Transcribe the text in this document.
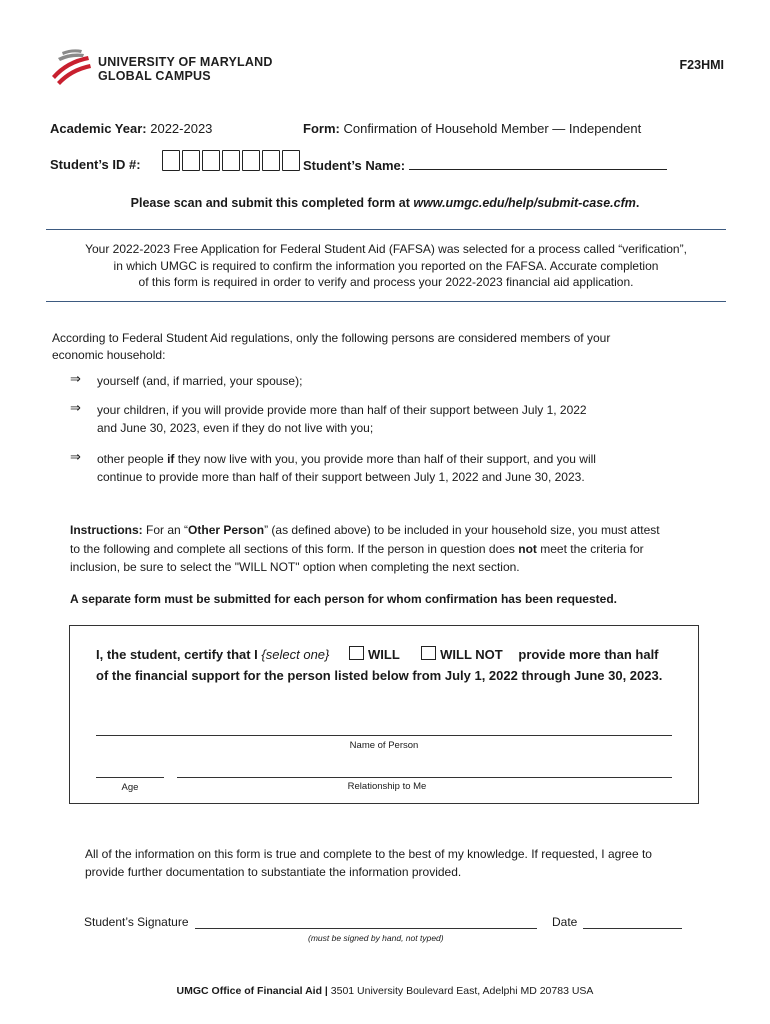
UNIVERSITY OF MARYLAND
GLOBAL CAMPUS
F23HMI
Academic Year: 2022-2023	Form: Confirmation of Household Member — Independent
Student’s ID #:	Student’s Name:
Please scan and submit this completed form at www.umgc.edu/help/submit-case.cfm.
Your 2022-2023 Free Application for Federal Student Aid (FAFSA) was selected for a process called “verification”,
in which UMGC is required to confirm the information you reported on the FAFSA. Accurate completion
of this form is required in order to verify and process your 2022-2023 financial aid application.
According to Federal Student Aid regulations, only the following persons are considered members of your
economic household:
⇒ yourself (and, if married, your spouse);
⇒ your children, if you will provide provide more than half of their support between July 1, 2022
and June 30, 2023, even if they do not live with you;
⇒ other people if they now live with you, you provide more than half of their support, and you will
continue to provide more than half of their support between July 1, 2022 and June 30, 2023.
Instructions: For an “Other Person” (as defined above) to be included in your household size, you must attest
to the following and complete all sections of this form. If the person in question does not meet the criteria for
inclusion, be sure to select the "WILL NOT" option when completing the next section.
A separate form must be submitted for each person for whom confirmation has been requested.
I, the student, certify that I {select one}	WILL	WILL NOT provide more than half
of the financial support for the person listed below from July 1, 2022 through June 30, 2023.
Name of Person
Age	Relationship to Me
All of the information on this form is true and complete to the best of my knowledge. If requested, I agree to
provide further documentation to substantiate the information provided.
Student’s Signature	Date
(must be signed by hand, not typed)
UMGC Office of Financial Aid | 3501 University Boulevard East, Adelphi MD 20783 USA
